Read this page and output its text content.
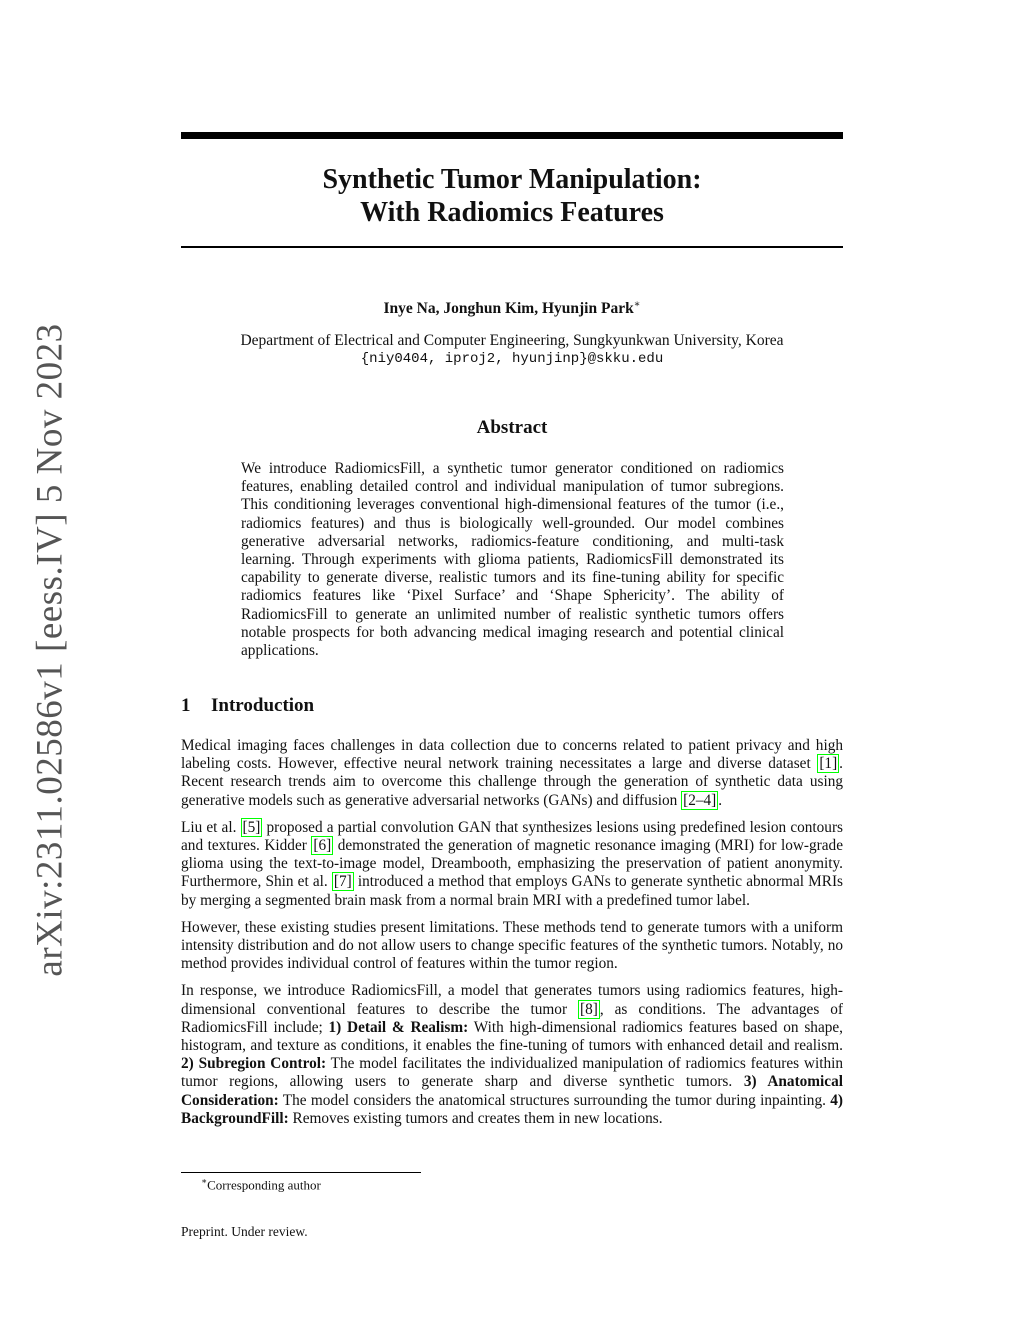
arXiv:2311.02586v1 [eess.IV] 5 Nov 2023
Synthetic Tumor Manipulation:
With Radiomics Features
Inye Na, Jonghun Kim, Hyunjin Park∗
Department of Electrical and Computer Engineering, Sungkyunkwan University, Korea
{niy0404, iproj2, hyunjinp}@skku.edu
Abstract

We introduce RadiomicsFill, a synthetic tumor generator conditioned on radiomics features, enabling detailed control and individual manipulation of tumor subregions. This conditioning leverages conventional high-dimensional features of the tumor (i.e., radiomics features) and thus is biologically well-grounded. Our model combines generative adversarial networks, radiomics-feature conditioning, and multi-task learning. Through experiments with glioma patients, RadiomicsFill demonstrated its capability to generate diverse, realistic tumors and its fine-tuning ability for specific radiomics features like ‘Pixel Surface’ and ‘Shape Sphericity’. The ability of RadiomicsFill to generate an unlimited number of realistic synthetic tumors offers notable prospects for both advancing medical imaging research and potential clinical applications.

1 Introduction

Medical imaging faces challenges in data collection due to concerns related to patient privacy and high labeling costs. However, effective neural network training necessitates a large and diverse dataset [1] . Recent research trends aim to overcome this challenge through the generation of synthetic data using generative models such as generative adversarial networks (GANs) and diffusion [2–4] .

Liu et al. [5] proposed a partial convolution GAN that synthesizes lesions using predefined lesion contours and textures. Kidder [6] demonstrated the generation of magnetic resonance imaging (MRI) for low-grade glioma using the text-to-image model, Dreambooth, emphasizing the preservation of patient anonymity. Furthermore, Shin et al. [7] introduced a method that employs GANs to generate synthetic abnormal MRIs by merging a segmented brain mask from a normal brain MRI with a predefined tumor label.

However, these existing studies present limitations. These methods tend to generate tumors with a uniform intensity distribution and do not allow users to change specific features of the synthetic tumors. Notably, no method provides individual control of features within the tumor region.

In response, we introduce RadiomicsFill, a model that generates tumors using radiomics features, high-dimensional conventional features to describe the tumor [8] , as conditions. The advantages of RadiomicsFill include; 1) Detail & Realism: With high-dimensional radiomics features based on shape, histogram, and texture as conditions, it enables the fine-tuning of tumors with enhanced detail and realism. 2) Subregion Control: The model facilitates the individualized manipulation of radiomics features within tumor regions, allowing users to generate sharp and diverse synthetic tumors. 3) Anatomical Consideration: The model considers the anatomical structures surrounding the tumor during inpainting. 4) BackgroundFill: Removes existing tumors and creates them in new locations.

∗Corresponding author
Preprint. Under review.
